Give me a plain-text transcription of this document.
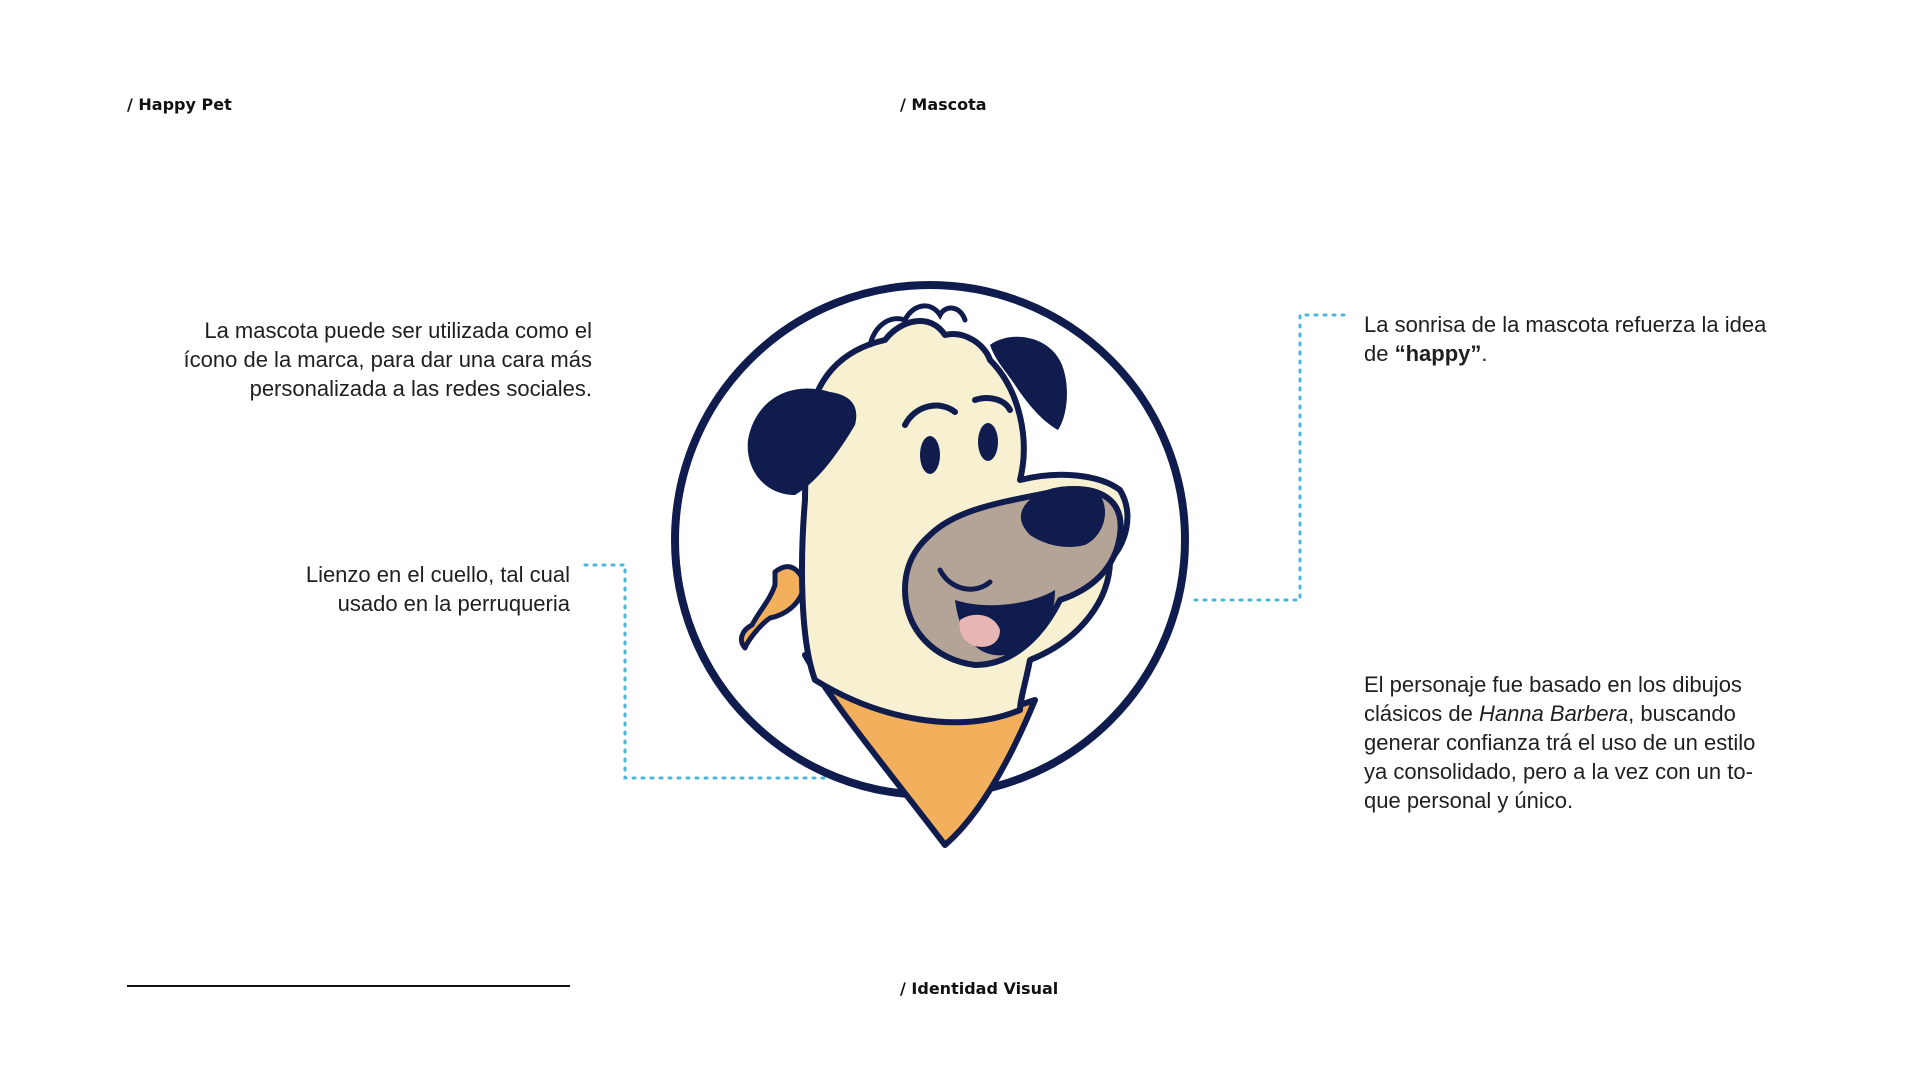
/ Happy Pet	/ Mascota

La mascota puede ser utilizada como el

ícono de la marca, para dar una cara más

personalizada a las redes sociales.

Lienzo en el cuello, tal cual

usado en la perruqueria

La sonrisa de la mascota refuerza la idea

de “happy”.

El personaje fue basado en los dibujos

clásicos de Hanna Barbera, buscando

generar confianza trá el uso de un estilo

ya consolidado, pero a la vez con un to-

que personal y único.

/ Identidad Visual
